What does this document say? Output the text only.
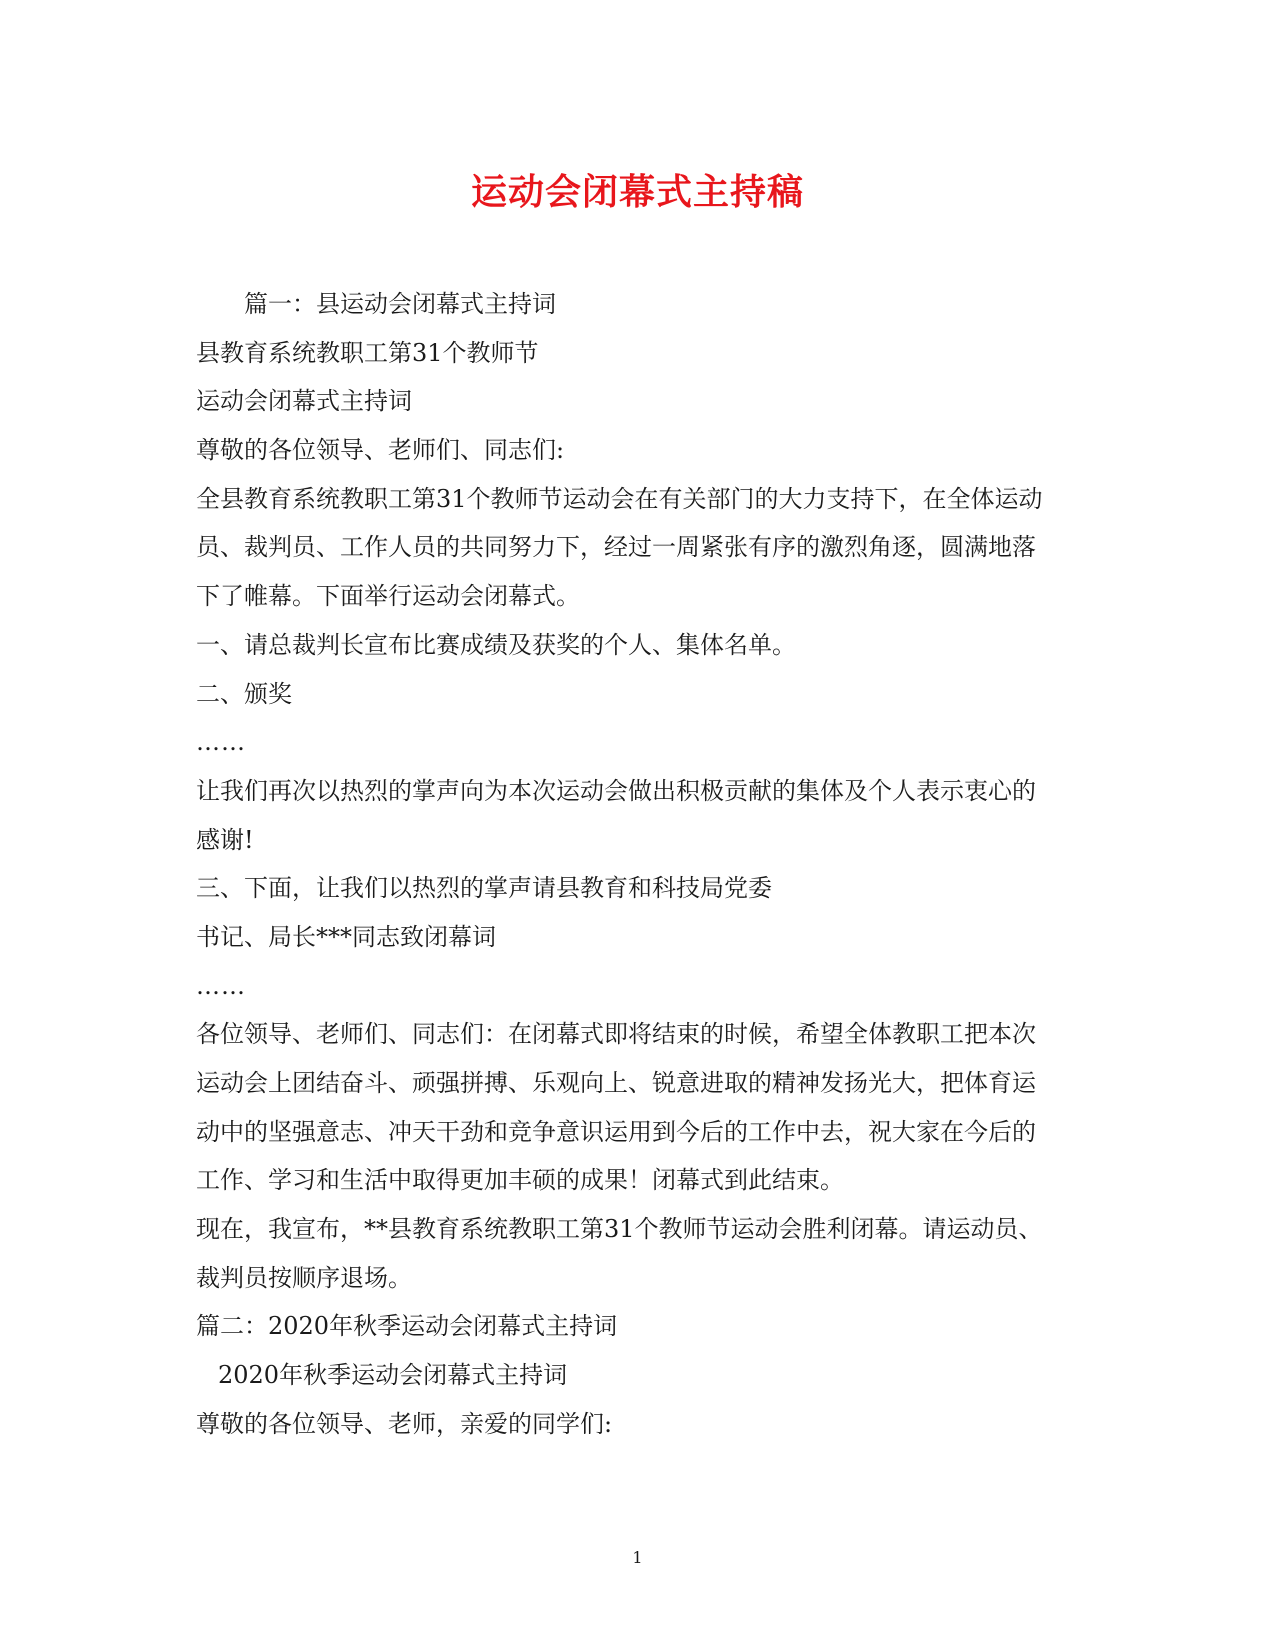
运动会闭幕式主持稿
篇一：县运动会闭幕式主持词
县教育系统教职工第31个教师节
运动会闭幕式主持词
尊敬的各位领导、老师们、同志们:
全县教育系统教职工第31个教师节运动会在有关部门的大力支持下，在全体运动
员、裁判员、工作人员的共同努力下，经过一周紧张有序的激烈角逐，圆满地落
下了帷幕。下面举行运动会闭幕式。
一、请总裁判长宣布比赛成绩及获奖的个人、集体名单。
二、颁奖
……
让我们再次以热烈的掌声向为本次运动会做出积极贡献的集体及个人表示衷心的
感谢!
三、下面，让我们以热烈的掌声请县教育和科技局党委
书记、局长***同志致闭幕词
……
各位领导、老师们、同志们：在闭幕式即将结束的时候，希望全体教职工把本次
运动会上团结奋斗、顽强拼搏、乐观向上、锐意进取的精神发扬光大，把体育运
动中的坚强意志、冲天干劲和竞争意识运用到今后的工作中去，祝大家在今后的
工作、学习和生活中取得更加丰硕的成果！闭幕式到此结束。
现在，我宣布，**县教育系统教职工第31个教师节运动会胜利闭幕。请运动员、
裁判员按顺序退场。
篇二：2020年秋季运动会闭幕式主持词
2020年秋季运动会闭幕式主持词
尊敬的各位领导、老师，亲爱的同学们:
1
